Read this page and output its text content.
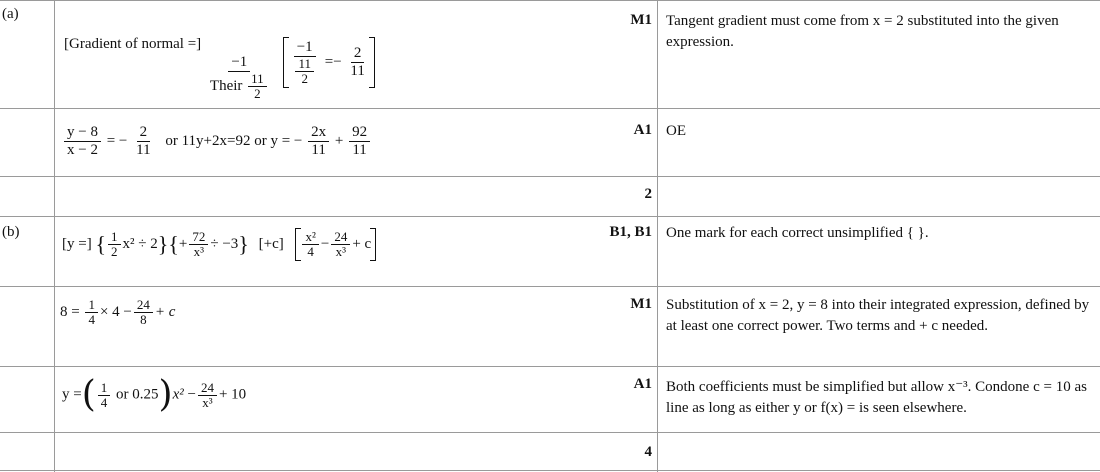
(a)
(b)
[Gradient of normal =]
$\frac{-1}{Their \frac{11}{2}}$
$\frac{-1}{\frac{11}{2}} =- \frac{2}{11}$
M1 Tangent gradient must come from x = 2 substituted into the given expression.
$\frac{y - 8}{x - 2}$ = − $\frac{2}{11}$ or 11y+2x=92 or y = − $\frac{2x}{11} + \frac{92}{11}$	A1 OE
2
[y =] { $\frac{1}{2} x^2 \div 2\}\{+ \frac{72}{\text{x³}} \div -3\}$ $[+c] \frac{\text{x²}}{4} - \frac{24}{\text{x³}} + c$
B1, B1 One mark for each correct unsimplified { }.
$8 = \frac{1}{4} \times 4 - \frac{24}{8} + c$	M1 Substitution of x = 2, y = 8 into their integrated expression, defined by at least one correct power. Two terms and + c needed.
y =( $\frac{1}{4}$ or $0.25)x^2 - \frac{24}{\text{x³}} + 10$
A1 Both coefficients must be simplified but allow x⁻³. Condone c = 10 as line as long as either y or f(x) = is seen elsewhere.
4
